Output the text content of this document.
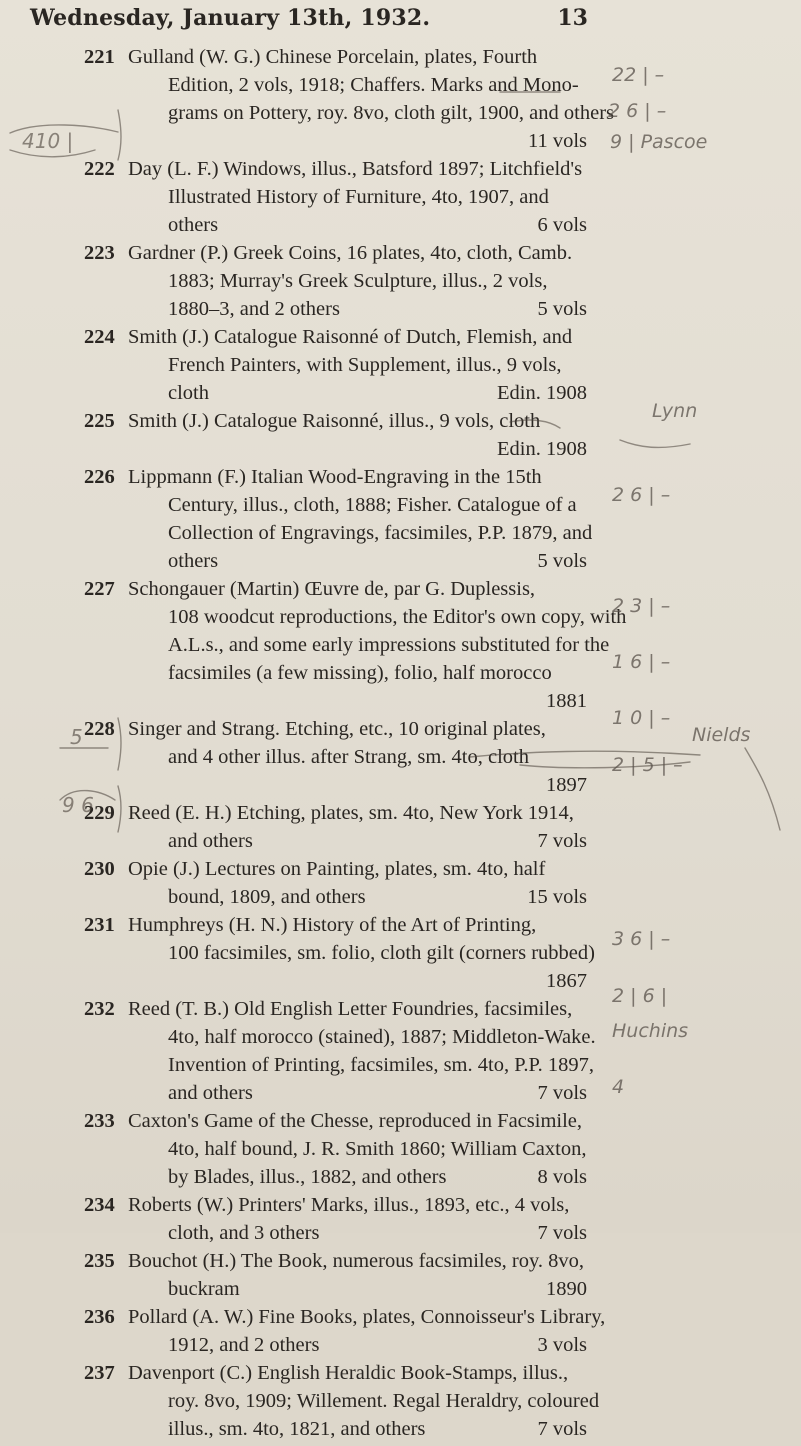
Wednesday, January 13th, 1932.	13
221 Gulland (W. G.) Chinese Porcelain, plates, Fourth
Edition, 2 vols, 1918; Chaffers. Marks and Mono-
grams on Pottery, roy. 8vo, cloth gilt, 1900, and others
11 vols
222 Day (L. F.) Windows, illus., Batsford 1897; Litchfield's
Illustrated History of Furniture, 4to, 1907, and
others	6 vols
223 Gardner (P.) Greek Coins, 16 plates, 4to, cloth, Camb.
1883; Murray's Greek Sculpture, illus., 2 vols,
1880–3, and 2 others	5 vols
224 Smith (J.) Catalogue Raisonné of Dutch, Flemish, and
French Painters, with Supplement, illus., 9 vols,
cloth	Edin. 1908
225 Smith (J.) Catalogue Raisonné, illus., 9 vols, cloth
Edin. 1908
226 Lippmann (F.) Italian Wood-Engraving in the 15th
Century, illus., cloth, 1888; Fisher. Catalogue of a
Collection of Engravings, facsimiles, P.P. 1879, and
others	5 vols
227 Schongauer (Martin) Œuvre de, par G. Duplessis,
108 woodcut reproductions, the Editor's own copy, with
A.L.s., and some early impressions substituted for the
facsimiles (a few missing), folio, half morocco
1881
228 Singer and Strang. Etching, etc., 10 original plates,
and 4 other illus. after Strang, sm. 4to, cloth
1897
229 Reed (E. H.) Etching, plates, sm. 4to, New York 1914,
and others	7 vols
230 Opie (J.) Lectures on Painting, plates, sm. 4to, half
bound, 1809, and others	15 vols
231 Humphreys (H. N.) History of the Art of Printing,
100 facsimiles, sm. folio, cloth gilt (corners rubbed)
1867
232 Reed (T. B.) Old English Letter Foundries, facsimiles,
4to, half morocco (stained), 1887; Middleton-Wake.
Invention of Printing, facsimiles, sm. 4to, P.P. 1897,
and others	7 vols
233 Caxton's Game of the Chesse, reproduced in Facsimile,
4to, half bound, J. R. Smith 1860; William Caxton,
by Blades, illus., 1882, and others	8 vols
234 Roberts (W.) Printers' Marks, illus., 1893, etc., 4 vols,
cloth, and 3 others	7 vols
235 Bouchot (H.) The Book, numerous facsimiles, roy. 8vo,
buckram	1890
236 Pollard (A. W.) Fine Books, plates, Connoisseur's Library,
1912, and 2 others	3 vols
237 Davenport (C.) English Heraldic Book-Stamps, illus.,
roy. 8vo, 1909; Willement. Regal Heraldry, coloured
illus., sm. 4to, 1821, and others	7 vols
410 |
5
9 6
22 | –
2 6 | –
9 | Pascoe
Lynn
2 6 | –
2 3 | –
1 6 | –
1 0 | –
Nields
2 | 5 | –
3 6 | –
2 | 6 |
Huchins
4
